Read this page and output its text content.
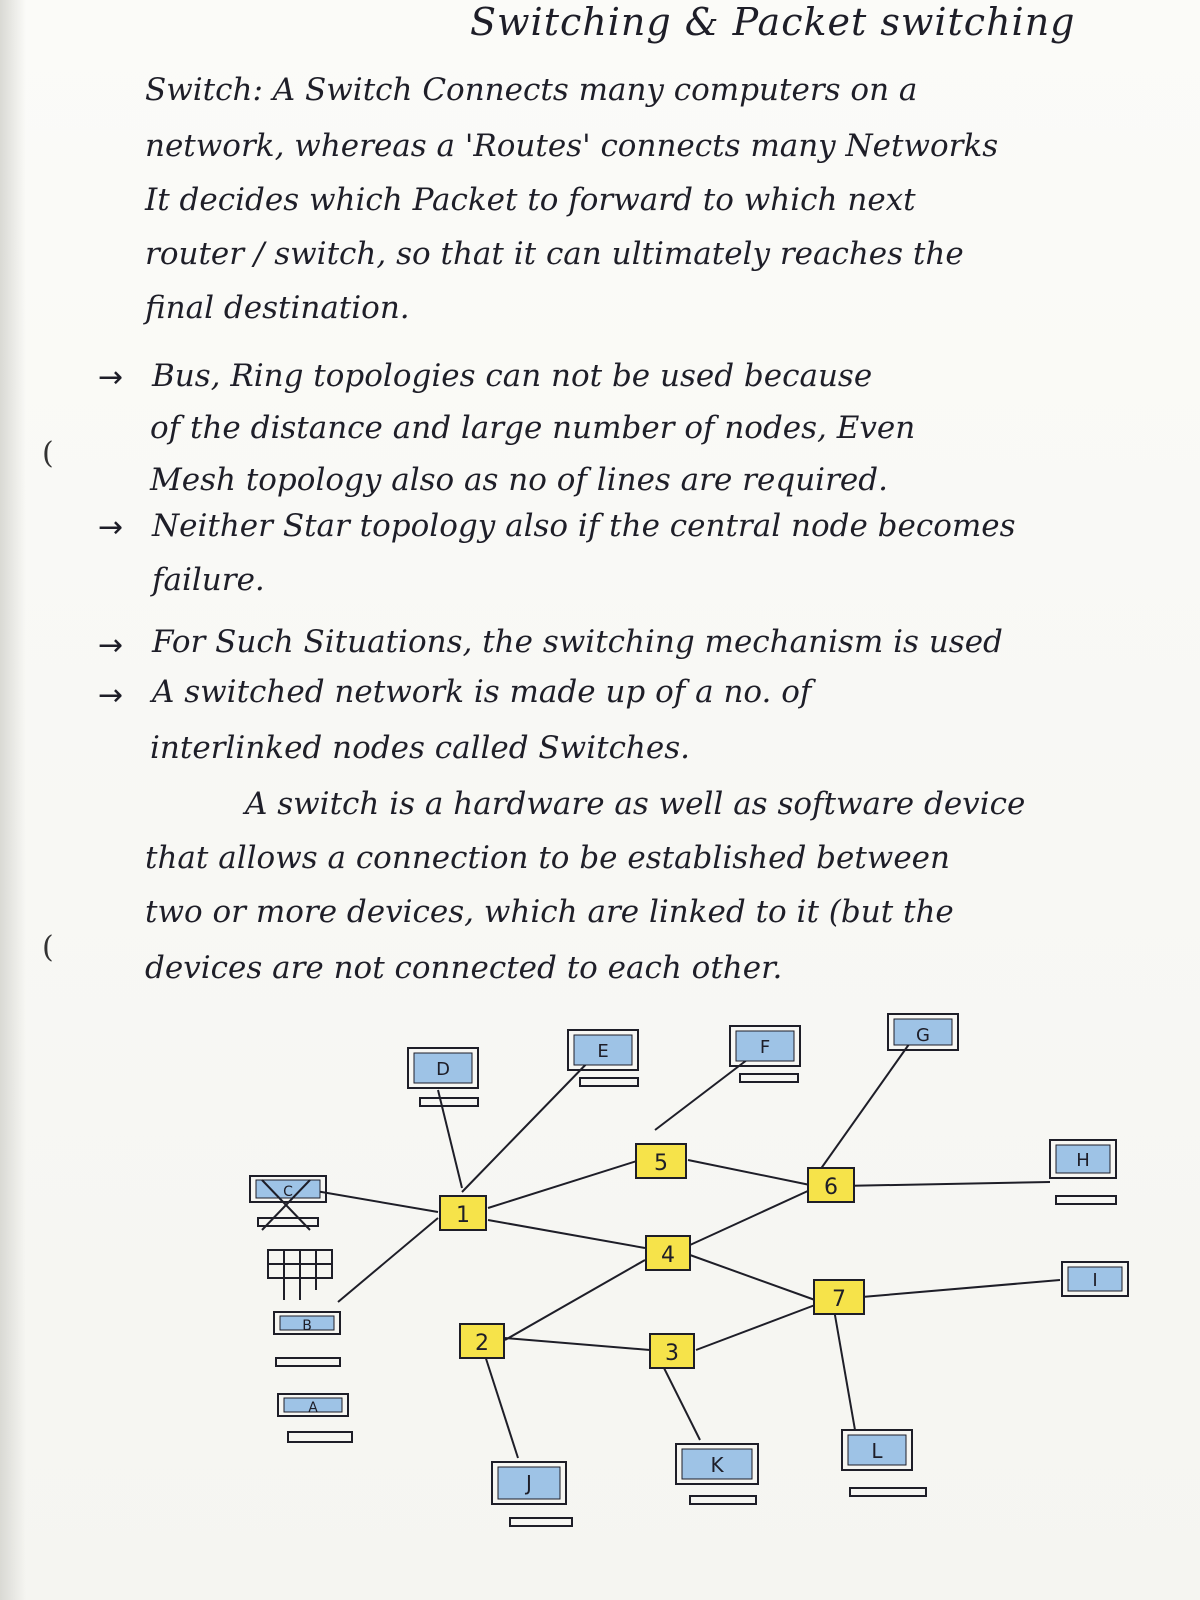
Switching & Packet switching
Switch: A Switch Connects many computers on a
network, whereas a 'Routes' connects many Networks
It decides which Packet to forward to which next
router / switch, so that it can ultimately reaches the
final destination.
→ Bus, Ring topologies can not be used because
(
of the distance and large number of nodes, Even
Mesh topology also as no of lines are required.
→ Neither Star topology also if the central node becomes
failure.
→ For Such Situations, the switching mechanism is used
→ A switched network is made up of a no. of
interlinked nodes called Switches.
A switch is a hardware as well as software device
that allows a connection to be established between
two or more devices, which are linked to it (but the
(
devices are not connected to each other.
1
2	3
4
5
6
7
D
E	F
G
H
I
L
K
J
A
B
C
